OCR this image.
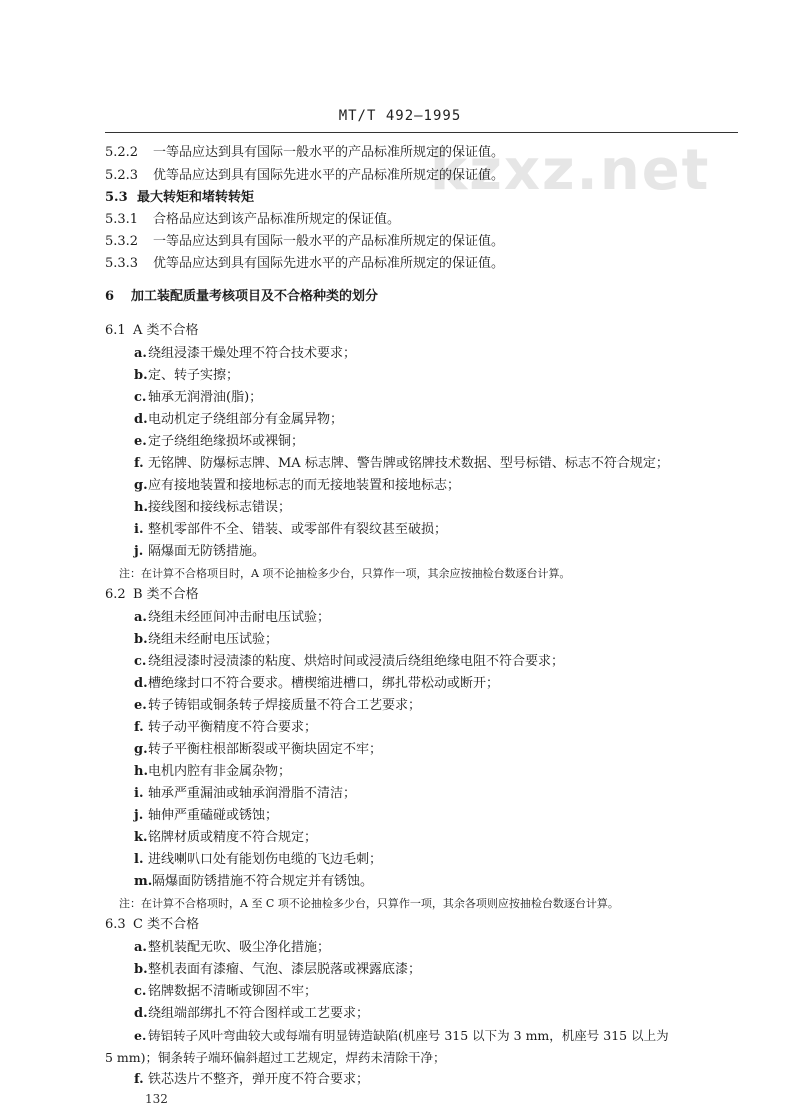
MT/T 492—1995
kzxz.net
5.2.2 一等品应达到具有国际一般水平的产品标准所规定的保证值。
5.2.3 优等品应达到具有国际先进水平的产品标准所规定的保证值。
5.3 最大转矩和堵转转矩
5.3.1 合格品应达到该产品标准所规定的保证值。
5.3.2 一等品应达到具有国际一般水平的产品标准所规定的保证值。
5.3.3 优等品应达到具有国际先进水平的产品标准所规定的保证值。
6 加工装配质量考核项目及不合格种类的划分
6.1 A 类不合格
a.绕组浸漆干燥处理不符合技术要求；
b.定、转子实擦；
c. 轴承无润滑油(脂)；
d.电动机定子绕组部分有金属异物；
e.定子绕组绝缘损坏或裸铜；
f. 无铭牌、防爆标志牌、MA 标志牌、警告牌或铭牌技术数据、型号标错、标志不符合规定；
g.应有接地装置和接地标志的而无接地装置和接地标志；
h.接线图和接线标志错误；
i. 整机零部件不全、错装、或零部件有裂纹甚至破损；
j. 隔爆面无防锈措施。
注：在计算不合格项目时，A 项不论抽检多少台，只算作一项，其余应按抽检台数逐台计算。
6.2 B 类不合格
a.绕组未经匝间冲击耐电压试验；
b.绕组未经耐电压试验；
c. 绕组浸漆时浸渍漆的粘度、烘焙时间或浸渍后绕组绝缘电阻不符合要求；
d.槽绝缘封口不符合要求。槽楔缩进槽口，绑扎带松动或断开；
e.转子铸铝或铜条转子焊接质量不符合工艺要求；
f. 转子动平衡精度不符合要求；
g.转子平衡柱根部断裂或平衡块固定不牢；
h.电机内腔有非金属杂物；
i. 轴承严重漏油或轴承润滑脂不清洁；
j. 轴伸严重磕碰或锈蚀；
k.铭牌材质或精度不符合规定；
l. 进线喇叭口处有能划伤电缆的飞边毛刺；
m.隔爆面防锈措施不符合规定并有锈蚀。
注：在计算不合格项时，A 至 C 项不论抽检多少台，只算作一项，其余各项则应按抽检台数逐台计算。
6.3 C 类不合格
a.整机装配无吹、吸尘净化措施；
b.整机表面有漆瘤、气泡、漆层脱落或裸露底漆；
c. 铭牌数据不清晰或铆固不牢；
d.绕组端部绑扎不符合图样或工艺要求；
e. 铸铝转子风叶弯曲较大或每端有明显铸造缺陷(机座号 315 以下为 3 mm，机座号 315 以上为
5 mm)；铜条转子端环偏斜超过工艺规定，焊药未清除干净；
f. 铁芯迭片不整齐，弹开度不符合要求；
132
